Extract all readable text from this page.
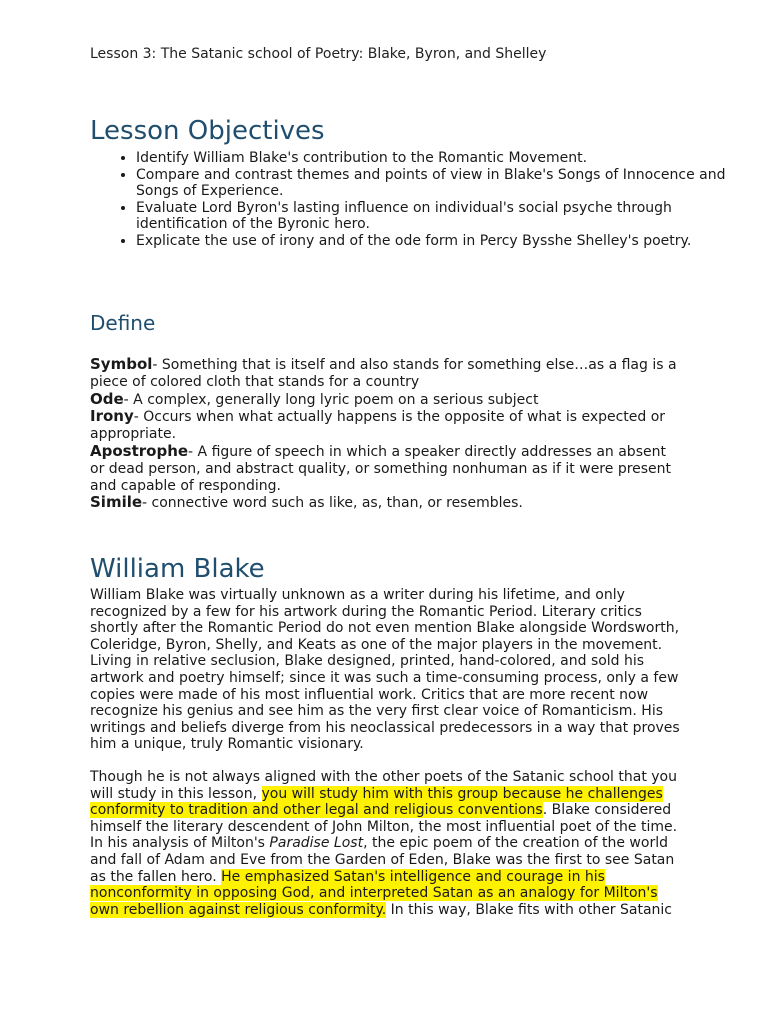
Lesson 3: The Satanic school of Poetry: Blake, Byron, and Shelley
Lesson Objectives
• Identify William Blake's contribution to the Romantic Movement.
• Compare and contrast themes and points of view in Blake's Songs of Innocence and Songs of Experience.
• Evaluate Lord Byron's lasting influence on individual's social psyche through identification of the Byronic hero.
• Explicate the use of irony and of the ode form in Percy Bysshe Shelley's poetry.
Define

Symbol- Something that is itself and also stands for something else…as a flag is a piece of colored cloth that stands for a country

Ode- A complex, generally long lyric poem on a serious subject

Irony- Occurs when what actually happens is the opposite of what is expected or appropriate.

Apostrophe- A figure of speech in which a speaker directly addresses an absent or dead person, and abstract quality, or something nonhuman as if it were present and capable of responding.

Simile- connective word such as like, as, than, or resembles.

William Blake

William Blake was virtually unknown as a writer during his lifetime, and only recognized by a few for his artwork during the Romantic Period. Literary critics shortly after the Romantic Period do not even mention Blake alongside Wordsworth, Coleridge, Byron, Shelly, and Keats as one of the major players in the movement. Living in relative seclusion, Blake designed, printed, hand-colored, and sold his artwork and poetry himself; since it was such a time-consuming process, only a few copies were made of his most influential work. Critics that are more recent now recognize his genius and see him as the very first clear voice of Romanticism. His writings and beliefs diverge from his neoclassical predecessors in a way that proves him a unique, truly Romantic visionary.

Though he is not always aligned with the other poets of the Satanic school that you will study in this lesson, you will study him with this group because he challenges conformity to tradition and other legal and religious conventions. Blake considered himself the literary descendent of John Milton, the most influential poet of the time. In his analysis of Milton's Paradise Lost, the epic poem of the creation of the world and fall of Adam and Eve from the Garden of Eden, Blake was the first to see Satan as the fallen hero. He emphasized Satan's intelligence and courage in his nonconformity in opposing God, and interpreted Satan as an analogy for Milton's own rebellion against religious conformity. In this way, Blake fits with other Satanic
